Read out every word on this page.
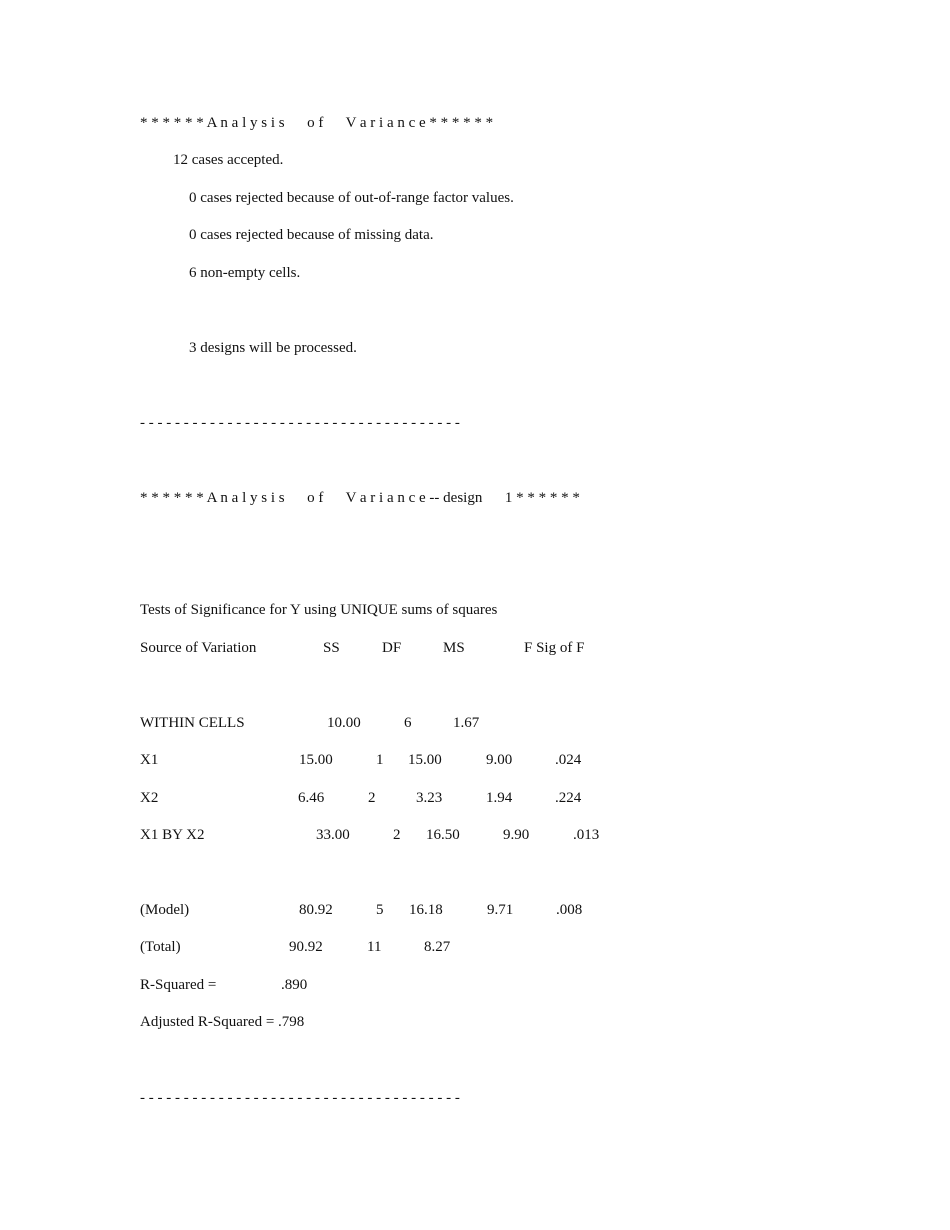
* * * * * * A n a l y s i s      o f      V a r i a n c e * * * * * *
12 cases accepted.
0 cases rejected because of out-of-range factor values.
0 cases rejected because of missing data.
6 non-empty cells.
3 designs will be processed.
- - - - - - - - - - - - - - - - - - - - - - - - - - - - - - - - - - - - -
* * * * * * A n a l y s i s      o f      V a r i a n c e -- design      1 * * * * * *
Tests of Significance for Y using UNIQUE sums of squares
Source of Variation	SS	DF	MS	F Sig of F
WITHIN CELLS	10.00	6	1.67
X1	15.00	1 15.00	9.00	.024
X2	6.46	2	3.23	1.94	.224
X1 BY X2	33.00	2 16.50	9.90	.013
(Model)	80.92	5 16.18	9.71	.008
(Total)	90.92	11	8.27
R-Squared =	.890
Adjusted R-Squared = .798
- - - - - - - - - - - - - - - - - - - - - - - - - - - - - - - - - - - - -
